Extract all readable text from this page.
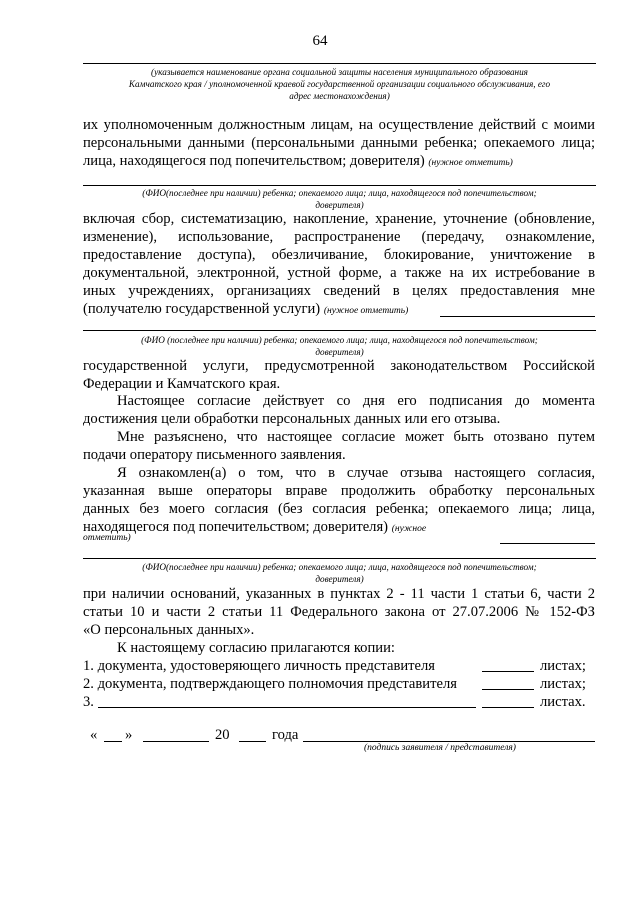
64
(указывается наименование органа социальной защиты населения муниципального образования
Камчатского края / уполномоченной краевой государственной организации социального обслуживания, его
адрес местонахождения)
их уполномоченным должностным лицам, на осуществление действий с моими
персональными данными (персональными данными ребенка; опекаемого лица;
лица, находящегося под попечительством; доверителя) (нужное отметить)
(ФИО(последнее при наличии) ребенка; опекаемого лица; лица, находящегося под попечительством;
доверителя)
включая сбор, систематизацию, накопление, хранение, уточнение (обновление,
изменение), использование, распространение (передачу, ознакомление,
предоставление доступа), обезличивание, блокирование, уничтожение в
документальной, электронной, устной форме, а также на их истребование в
иных учреждениях, организациях сведений в целях предоставления мне
(получателю государственной услуги) (нужное отметить)
(ФИО (последнее при наличии) ребенка; опекаемого лица; лица, находящегося под попечительством;
доверителя)
государственной услуги, предусмотренной законодательством Российской
Федерации и Камчатского края.
Настоящее согласие действует со дня его подписания до момента
достижения цели обработки персональных данных или его отзыва.
Мне разъяснено, что настоящее согласие может быть отозвано путем
подачи оператору письменного заявления.
Я ознакомлен(а) о том, что в случае отзыва настоящего согласия,
указанная выше операторы вправе продолжить обработку персональных
данных без моего согласия (без согласия ребенка; опекаемого лица; лица,
находящегося под попечительством; доверителя) (нужное
отметить)
(ФИО(последнее при наличии) ребенка; опекаемого лица; лица, находящегося под попечительством;
доверителя)
при наличии оснований, указанных в пунктах 2 - 11 части 1 статьи 6, части 2
статьи 10 и части 2 статьи 11 Федерального закона от 27.07.2006 № 152-ФЗ
«О персональных данных».
К настоящему согласию прилагаются копии:
1. документа, удостоверяющего личность представителя	листах;
2. документа, подтверждающего полномочия представителя	листах;
3.	листах.
« »	20	года
(подпись заявителя / представителя)
